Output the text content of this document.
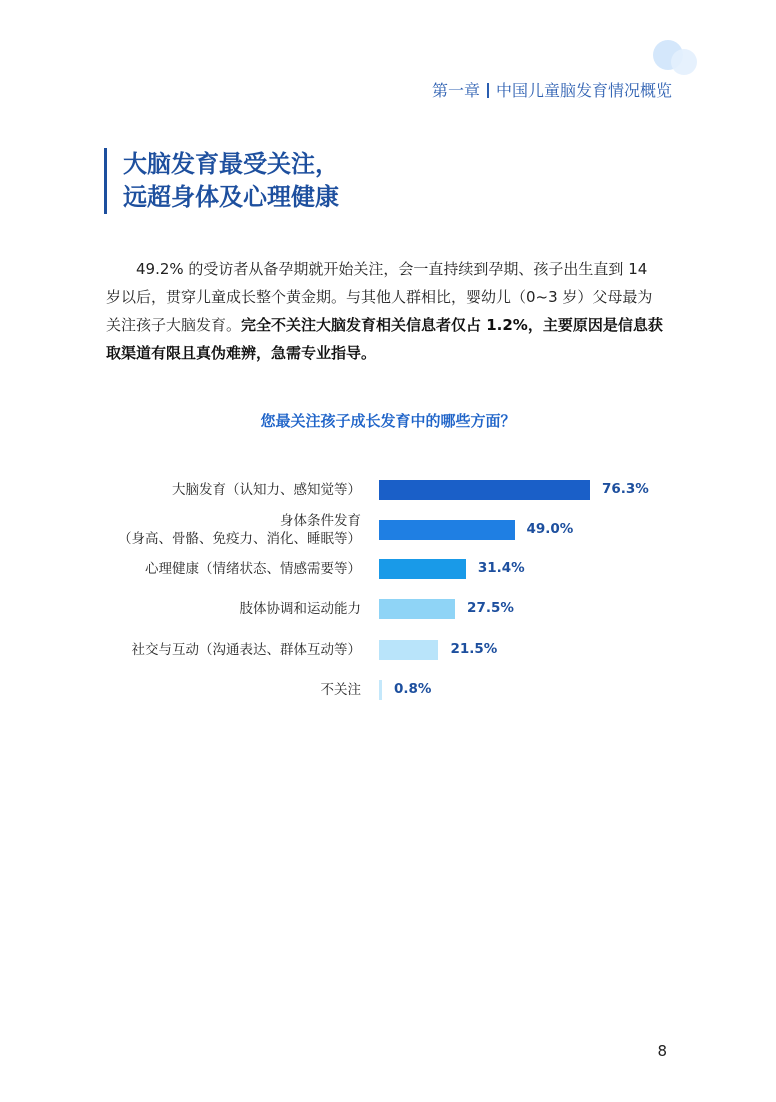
第一章 中国儿童脑发育情况概览
大脑发育最受关注，
远超身体及心理健康
49.2% 的受访者从备孕期就开始关注，会一直持续到孕期、孩子出生直到 14 岁以后，贯穿儿童成长整个黄金期。与其他人群相比，婴幼儿（0~3 岁）父母最为关注孩子大脑发育。完全不关注大脑发育相关信息者仅占 1.2%，主要原因是信息获取渠道有限且真伪难辨，急需专业指导。
您最关注孩子成长发育中的哪些方面？
大脑发育（认知力、感知觉等）	76.3%
身体条件发育
（身高、骨骼、免疫力、消化、睡眠等）
49.0%
心理健康（情绪状态、情感需要等）	31.4%
肢体协调和运动能力	27.5%
社交与互动（沟通表达、群体互动等）	21.5%
不关注 0.8%
8
